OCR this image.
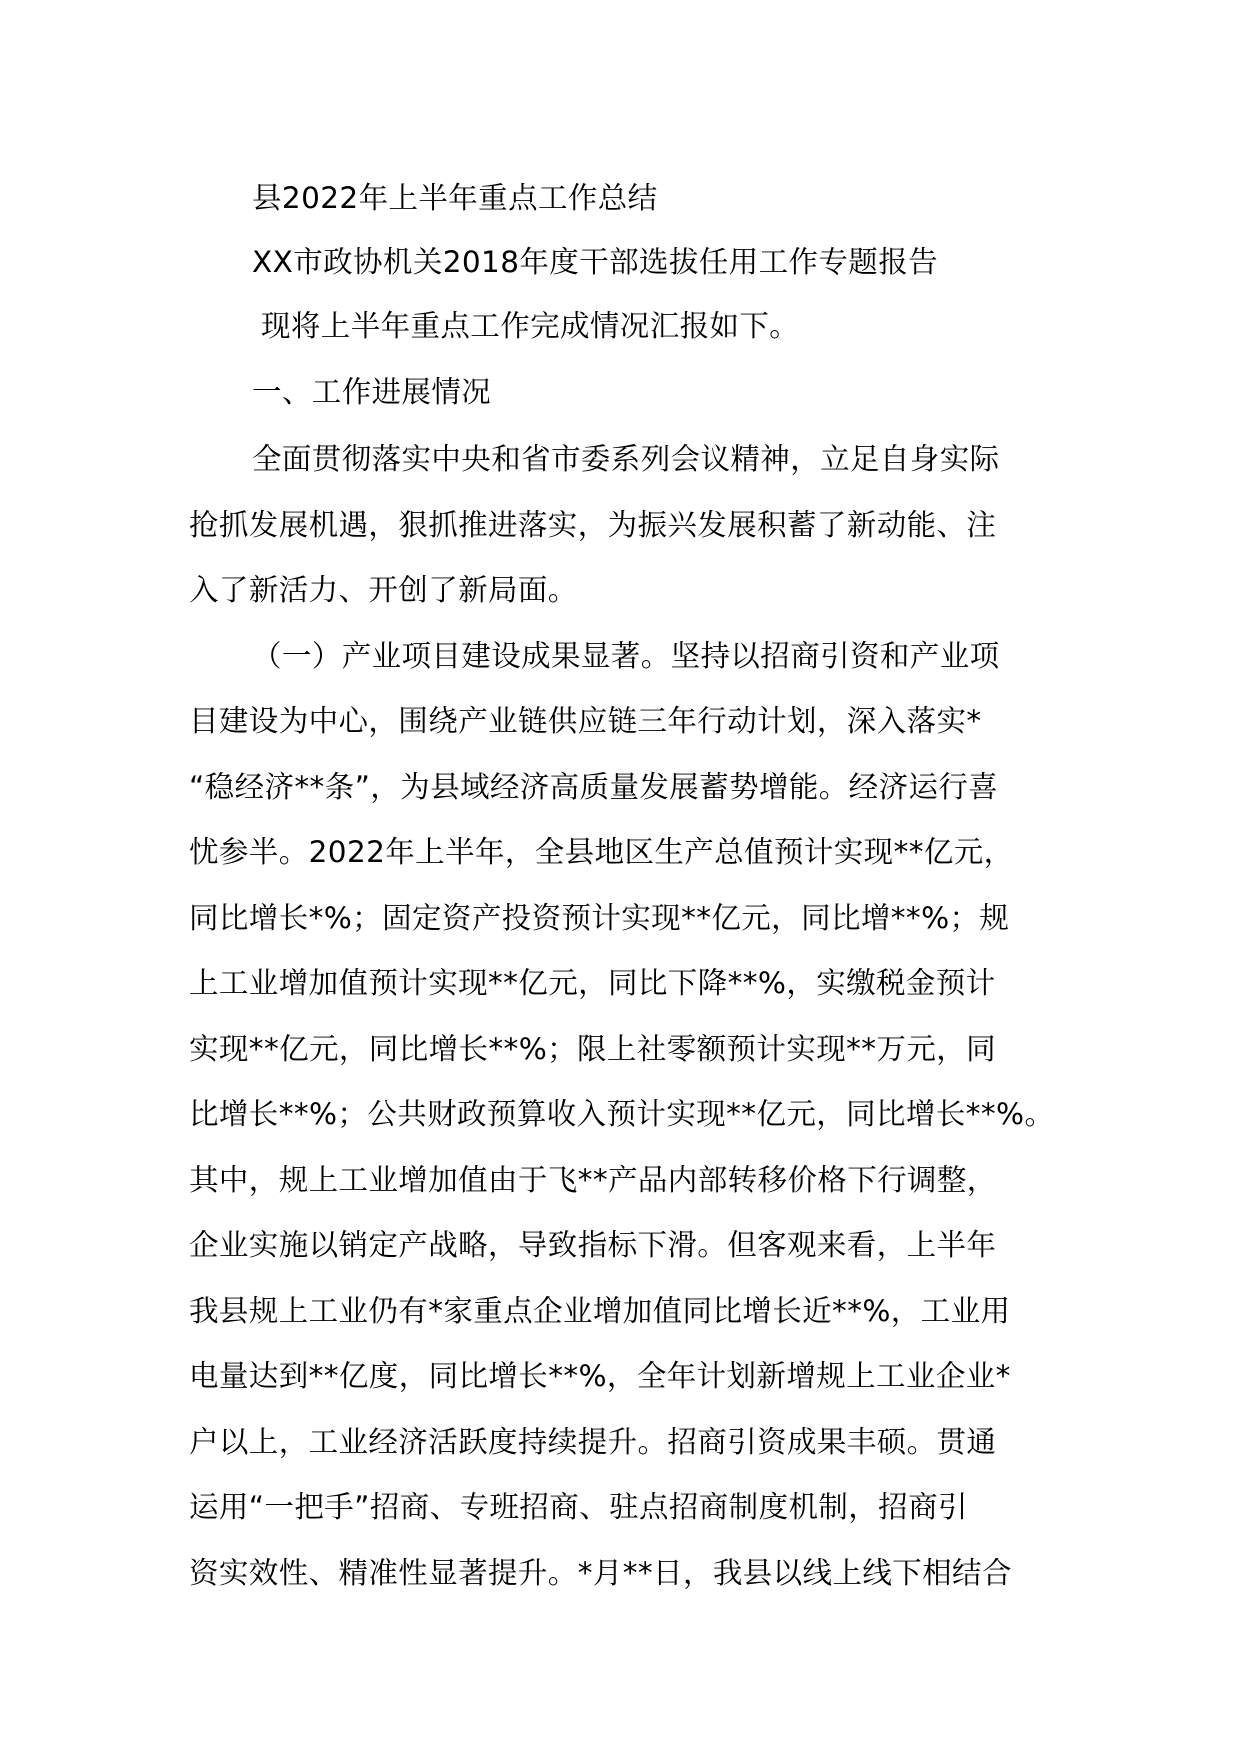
县2022年上半年重点工作总结
XX市政协机关2018年度干部选拔任用工作专题报告
现将上半年重点工作完成情况汇报如下。
一、工作进展情况
全面贯彻落实中央和省市委系列会议精神，立足自身实际
抢抓发展机遇，狠抓推进落实，为振兴发展积蓄了新动能、注
入了新活力、开创了新局面。
（一）产业项目建设成果显著。坚持以招商引资和产业项
目建设为中心，围绕产业链供应链三年行动计划，深入落实*
“稳经济**条”，为县域经济高质量发展蓄势增能。经济运行喜
忧参半。2022年上半年，全县地区生产总值预计实现**亿元，
同比增长*%；固定资产投资预计实现**亿元，同比增**%；规
上工业增加值预计实现**亿元，同比下降**%，实缴税金预计
实现**亿元，同比增长**%；限上社零额预计实现**万元，同
比增长**%；公共财政预算收入预计实现**亿元，同比增长**%。
其中，规上工业增加值由于飞**产品内部转移价格下行调整，
企业实施以销定产战略，导致指标下滑。但客观来看，上半年
我县规上工业仍有*家重点企业增加值同比增长近**%，工业用
电量达到**亿度，同比增长**%，全年计划新增规上工业企业*
户以上，工业经济活跃度持续提升。招商引资成果丰硕。贯通
运用“一把手”招商、专班招商、驻点招商制度机制，招商引
资实效性、精准性显著提升。*月**日，我县以线上线下相结合
